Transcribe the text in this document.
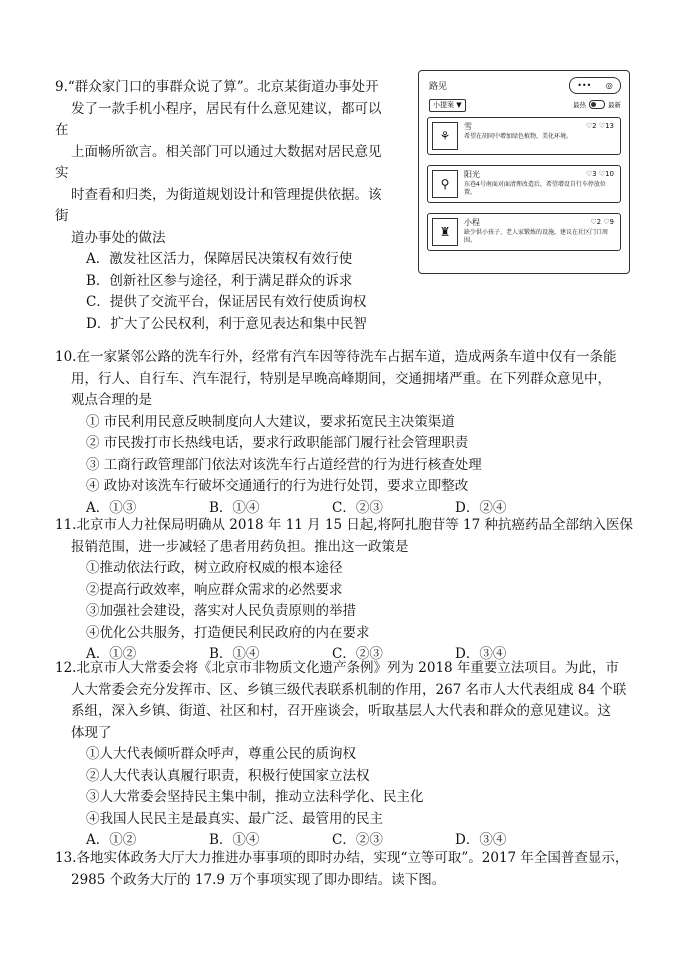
9.“群众家门口的事群众说了算”。北京某街道办事处开
发了一款手机小程序，居民有什么意见建议，都可以
在
上面畅所欲言。相关部门可以通过大数据对居民意见
实
时查看和归类，为街道规划设计和管理提供依据。该
街
道办事处的做法
A．激发社区活力，保障居民决策权有效行使
B．创新社区参与途径，利于满足群众的诉求
C．提供了交流平台，保证居民有效行使质询权
D．扩大了公民权利，利于意见表达和集中民智
路见	••• ◎
小提案 ▼	最热	最新
⚘
雪	♡2 ♡13
希望在胡同中增加绿色植物，美化环境。
⚲
阳光	♡3 ♡10
东巷4号南面对面清理改造后，希望增设自行车停放位置。
♜
小程	♡2 ♡9
缺少供小孩子、老人家锻炼的设施，建议在社区门口周围。
10.在一家紧邻公路的洗车行外，经常有汽车因等待洗车占据车道，造成两条车道中仅有一条能
用，行人、自行车、汽车混行，特别是早晚高峰期间，交通拥堵严重。在下列群众意见中，
观点合理的是
① 市民利用民意反映制度向人大建议，要求拓宽民主决策渠道
② 市民拨打市长热线电话，要求行政职能部门履行社会管理职责
③ 工商行政管理部门依法对该洗车行占道经营的行为进行核查处理
④ 政协对该洗车行破坏交通通行的行为进行处罚，要求立即整改
A．①③	B．①④	C．②③	D．②④
11.北京市人力社保局明确从 2018 年 11 月 15 日起,将阿扎胞苷等 17 种抗癌药品全部纳入医保
报销范围，进一步减轻了患者用药负担。推出这一政策是
①推动依法行政，树立政府权威的根本途径
②提高行政效率，响应群众需求的必然要求
③加强社会建设，落实对人民负责原则的举措
④优化公共服务，打造便民利民政府的内在要求
A．①②	B．①④	C．②③	D．③④
12.北京市人大常委会将《北京市非物质文化遗产条例》列为 2018 年重要立法项目。为此，市
人大常委会充分发挥市、区、乡镇三级代表联系机制的作用，267 名市人大代表组成 84 个联
系组，深入乡镇、街道、社区和村，召开座谈会，听取基层人大代表和群众的意见建议。这
体现了
①人大代表倾听群众呼声，尊重公民的质询权
②人大代表认真履行职责，积极行使国家立法权
③人大常委会坚持民主集中制，推动立法科学化、民主化
④我国人民民主是最真实、最广泛、最管用的民主
A．①②	B．①④	C．②③	D．③④
13.各地实体政务大厅大力推进办事事项的即时办结，实现“立等可取”。2017 年全国普查显示，
2985 个政务大厅的 17.9 万个事项实现了即办即结。读下图。
